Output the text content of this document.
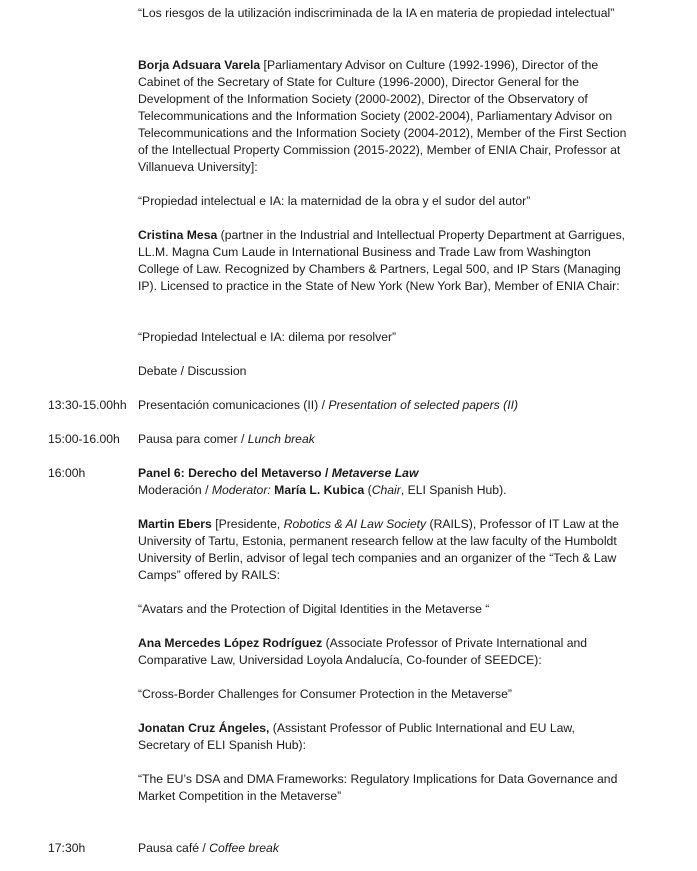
“Los riesgos de la utilización indiscriminada de la IA en materia de propiedad intelectual”

Borja Adsuara Varela [Parliamentary Advisor on Culture (1992-1996), Director of the Cabinet of the Secretary of State for Culture (1996-2000), Director General for the Development of the Information Society (2000-2002), Director of the Observatory of Telecommunications and the Information Society (2002-2004), Parliamentary Advisor on Telecommunications and the Information Society (2004-2012), Member of the First Section of the Intellectual Property Commission (2015-2022), Member of ENIA Chair, Professor at Villanueva University]:

“Propiedad intelectual e IA: la maternidad de la obra y el sudor del autor”

Cristina Mesa (partner in the Industrial and Intellectual Property Department at Garrigues, LL.M. Magna Cum Laude in International Business and Trade Law from Washington College of Law. Recognized by Chambers & Partners, Legal 500, and IP Stars (Managing IP). Licensed to practice in the State of New York (New York Bar), Member of ENIA Chair:

“Propiedad Intelectual e IA: dilema por resolver”

Debate / Discussion

13:30-15.00hh Presentación comunicaciones (II) / Presentation of selected papers (II)

15:00-16.00h Pausa para comer / Lunch break

16:00h	Panel 6: Derecho del Metaverso / Metaverse Law
Moderación / Moderator: María L. Kubica (Chair, ELI Spanish Hub).

Martin Ebers [Presidente, Robotics & AI Law Society (RAILS), Professor of IT Law at the University of Tartu, Estonia, permanent research fellow at the law faculty of the Humboldt University of Berlin, advisor of legal tech companies and an organizer of the “Tech & Law Camps” offered by RAILS:

“Avatars and the Protection of Digital Identities in the Metaverse “

Ana Mercedes López Rodríguez (Associate Professor of Private International and Comparative Law, Universidad Loyola Andalucía, Co-founder of SEEDCE):

“Cross-Border Challenges for Consumer Protection in the Metaverse”

Jonatan Cruz Ángeles, (Assistant Professor of Public International and EU Law, Secretary of ELI Spanish Hub):

“The EU’s DSA and DMA Frameworks: Regulatory Implications for Data Governance and Market Competition in the Metaverse”

17:30h	Pausa café / Coffee break
